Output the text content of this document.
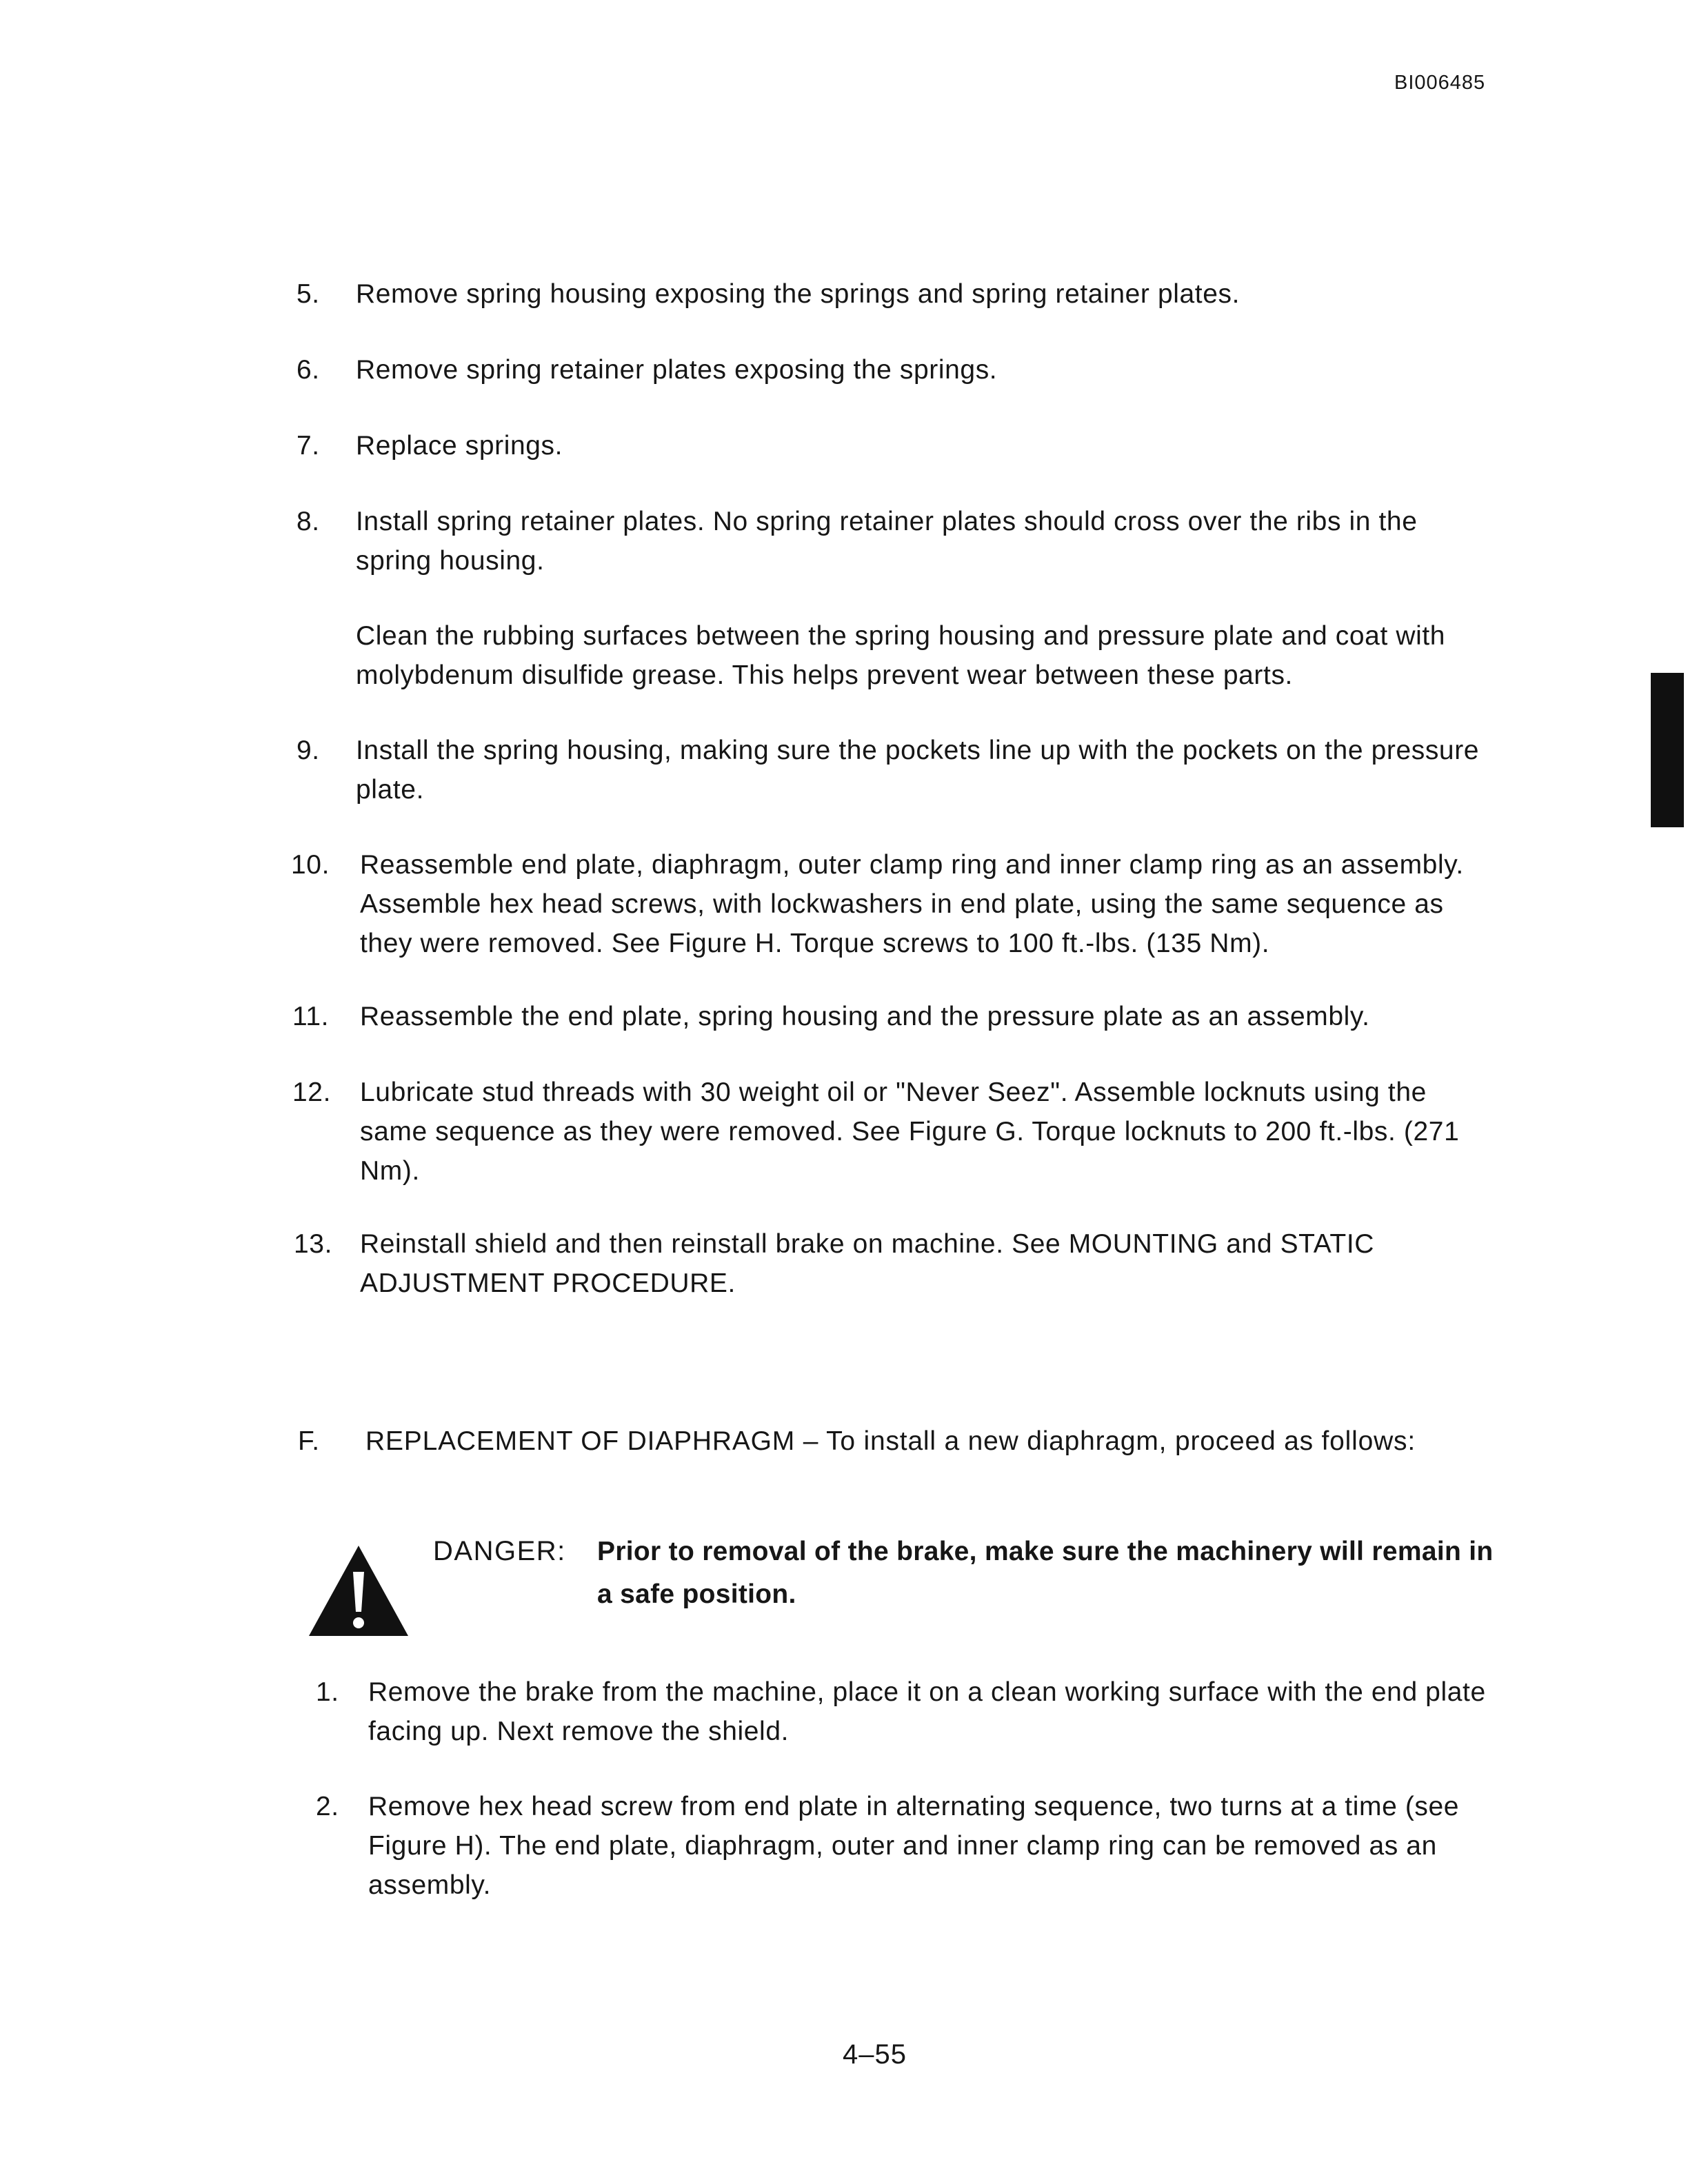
BI006485
5.	Remove spring housing exposing the springs and spring retainer plates.
6.	Remove spring retainer plates exposing the springs.
7.	Replace springs.
8.	Install spring retainer plates. No spring retainer plates should cross over the ribs in the spring housing.
Clean the rubbing surfaces between the spring housing and pressure plate and coat with molybdenum disulfide grease. This helps prevent wear between these parts.
9.	Install the spring housing, making sure the pockets line up with the pockets on the pressure plate.
10.	Reassemble end plate, diaphragm, outer clamp ring and inner clamp ring as an assembly. Assemble hex head screws, with lockwashers in end plate, using the same sequence as they were removed. See Figure H. Torque screws to 100 ft.-lbs. (135 Nm).
11.	Reassemble the end plate, spring housing and the pressure plate as an assembly.
12.	Lubricate stud threads with 30 weight oil or "Never Seez". Assemble locknuts using the same sequence as they were removed. See Figure G. Torque locknuts to 200 ft.-lbs. (271 Nm).
13.	Reinstall shield and then reinstall brake on machine. See MOUNTING and STATIC ADJUSTMENT PROCEDURE.
F. REPLACEMENT OF DIAPHRAGM – To install a new diaphragm, proceed as follows:
DANGER: Prior to removal of the brake, make sure the machinery will remain in a safe position.
1. Remove the brake from the machine, place it on a clean working surface with the end plate facing up. Next remove the shield.
2. Remove hex head screw from end plate in alternating sequence, two turns at a time (see Figure H). The end plate, diaphragm, outer and inner clamp ring can be removed as an assembly.
4–55
